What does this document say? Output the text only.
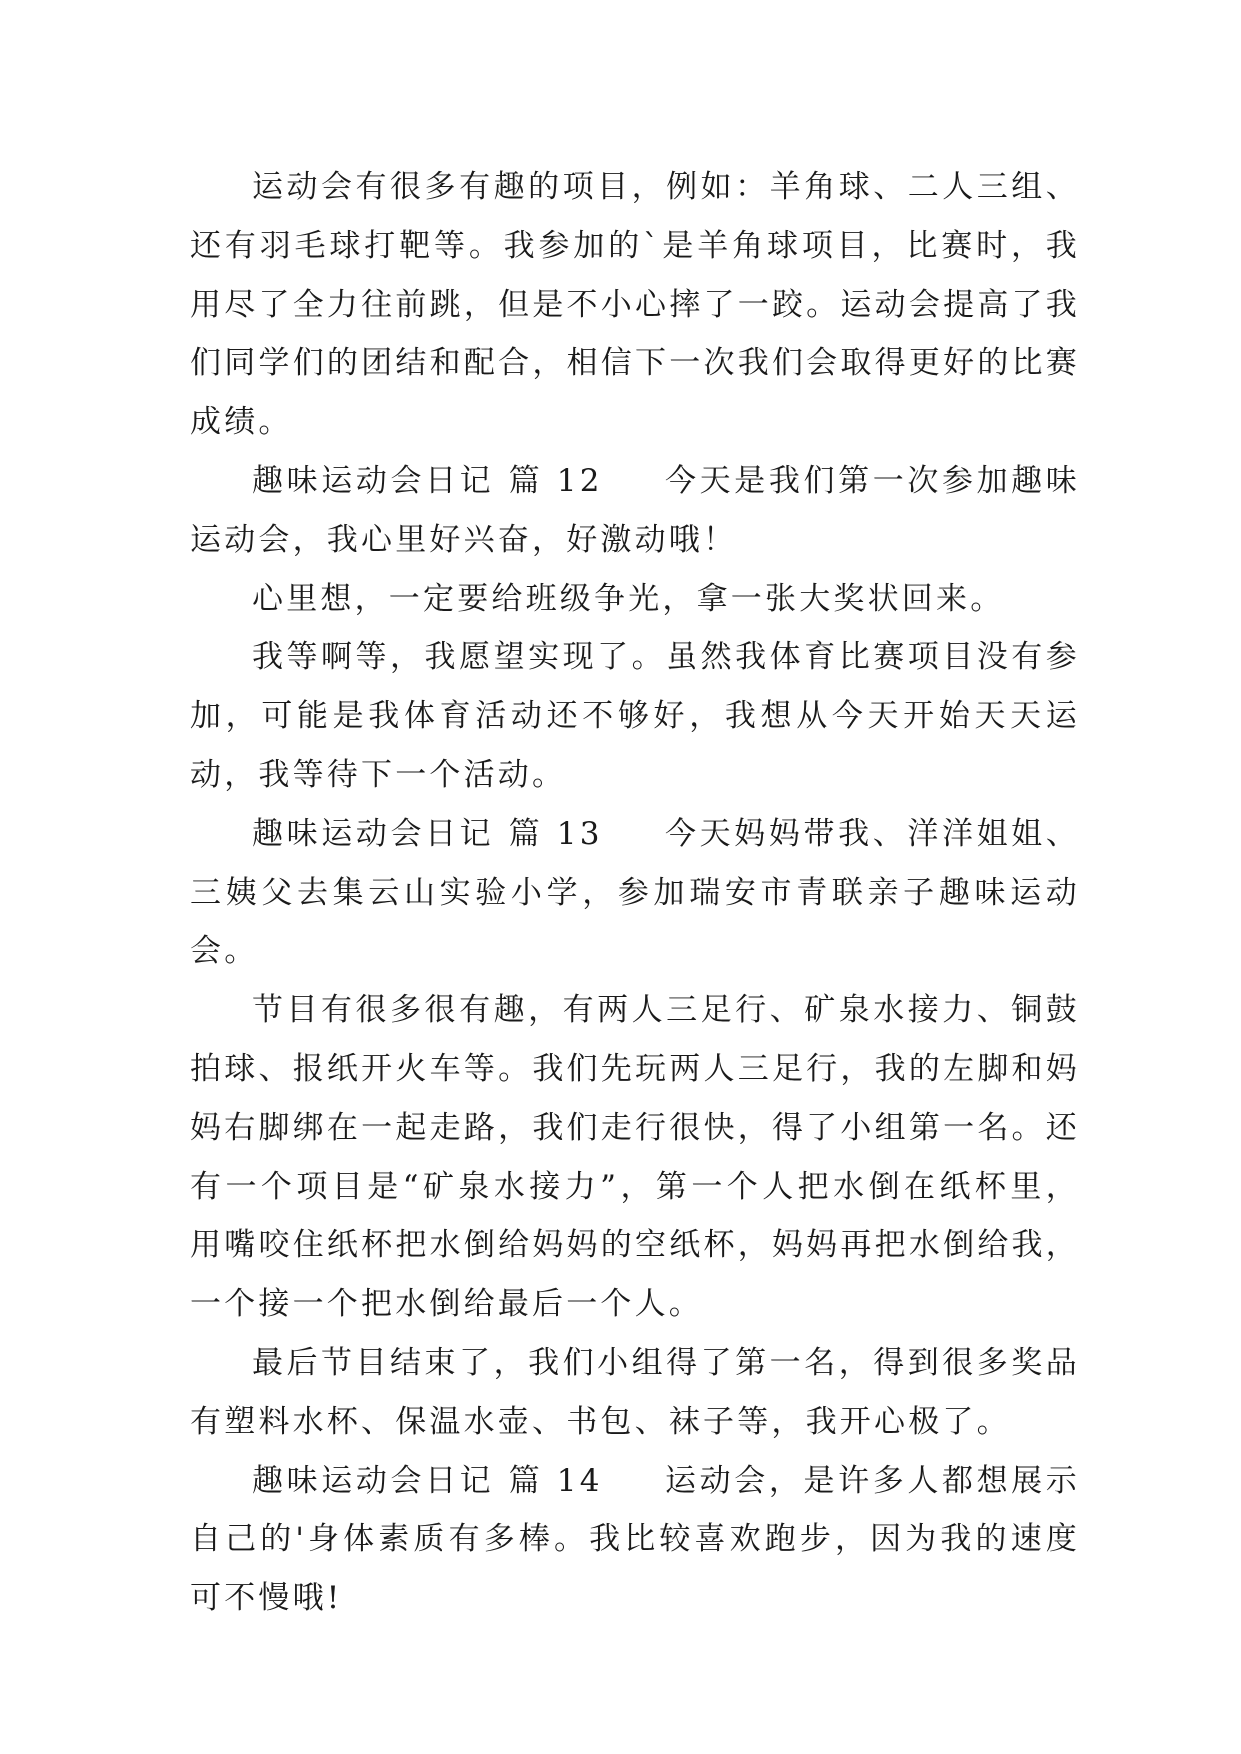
运动会有很多有趣的项目，例如：羊角球、二人三组、还有羽毛球打靶等。我参加的`是羊角球项目，比赛时，我用尽了全力往前跳，但是不小心摔了一跤。运动会提高了我们同学们的团结和配合，相信下一次我们会取得更好的比赛成绩。

趣味运动会日记 篇 12 今天是我们第一次参加趣味运动会，我心里好兴奋，好激动哦！

心里想，一定要给班级争光，拿一张大奖状回来。

我等啊等，我愿望实现了。虽然我体育比赛项目没有参加，可能是我体育活动还不够好，我想从今天开始天天运动，我等待下一个活动。

趣味运动会日记 篇 13 今天妈妈带我、洋洋姐姐、三姨父去集云山实验小学，参加瑞安市青联亲子趣味运动会。

节目有很多很有趣，有两人三足行、矿泉水接力、铜鼓拍球、报纸开火车等。我们先玩两人三足行，我的左脚和妈妈右脚绑在一起走路，我们走行很快，得了小组第一名。还有一个项目是“矿泉水接力”，第一个人把水倒在纸杯里，用嘴咬住纸杯把水倒给妈妈的空纸杯，妈妈再把水倒给我，一个接一个把水倒给最后一个人。

最后节目结束了，我们小组得了第一名，得到很多奖品有塑料水杯、保温水壶、书包、袜子等，我开心极了。

趣味运动会日记 篇 14 运动会，是许多人都想展示自己的'身体素质有多棒。我比较喜欢跑步，因为我的速度可不慢哦!
